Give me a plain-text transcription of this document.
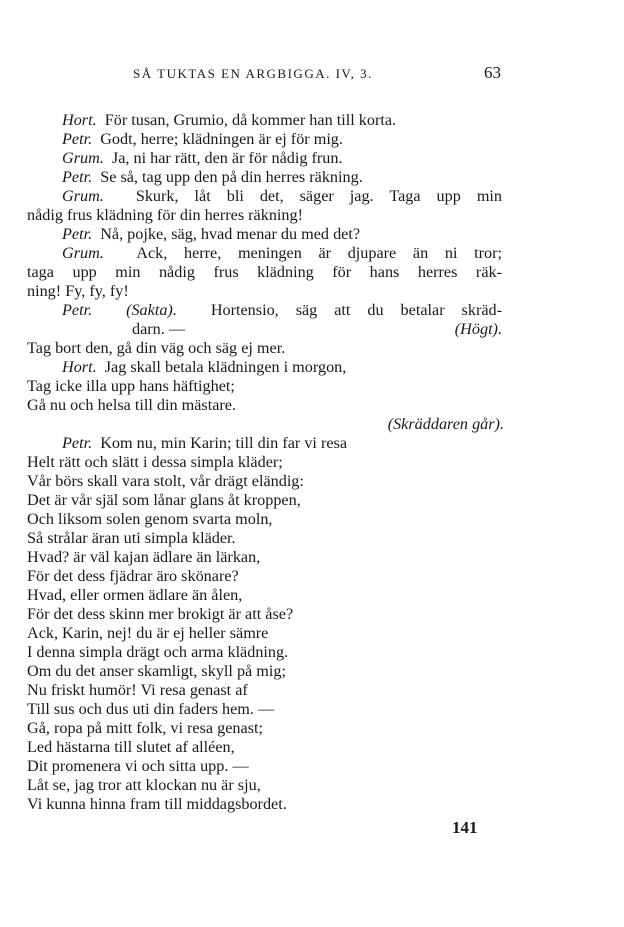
SÅ TUKTAS EN ARGBIGGA. IV, 3.	63
Hort. För tusan, Grumio, då kommer han till korta.
Petr. Godt, herre; klädningen är ej för mig.
Grum. Ja, ni har rätt, den är för nådig frun.
Petr. Se så, tag upp den på din herres räkning.
Grum. Skurk, låt bli det, säger jag. Taga upp min
nådig frus klädning för din herres räkning!
Petr. Nå, pojke, säg, hvad menar du med det?
Grum. Ack, herre, meningen är djupare än ni tror;
taga upp min nådig frus klädning för hans herres räk-
ning! Fy, fy, fy!
Petr. (Sakta). Hortensio, säg att du betalar skräd-
darn. —	(Högt).
Tag bort den, gå din väg och säg ej mer.
Hort. Jag skall betala klädningen i morgon,
Tag icke illa upp hans häftighet;
Gå nu och helsa till din mästare.
(Skräddaren går).
Petr. Kom nu, min Karin; till din far vi resa
Helt rätt och slätt i dessa simpla kläder;
Vår börs skall vara stolt, vår drägt eländig:
Det är vår själ som lånar glans åt kroppen,
Och liksom solen genom svarta moln,
Så strålar äran uti simpla kläder.
Hvad? är väl kajan ädlare än lärkan,
För det dess fjädrar äro skönare?
Hvad, eller ormen ädlare än ålen,
För det dess skinn mer brokigt är att åse?
Ack, Karin, nej! du är ej heller sämre
I denna simpla drägt och arma klädning.
Om du det anser skamligt, skyll på mig;
Nu friskt humör! Vi resa genast af
Till sus och dus uti din faders hem. —
Gå, ropa på mitt folk, vi resa genast;
Led hästarna till slutet af alléen,
Dit promenera vi och sitta upp. —
Låt se, jag tror att klockan nu är sju,
Vi kunna hinna fram till middagsbordet.
141
